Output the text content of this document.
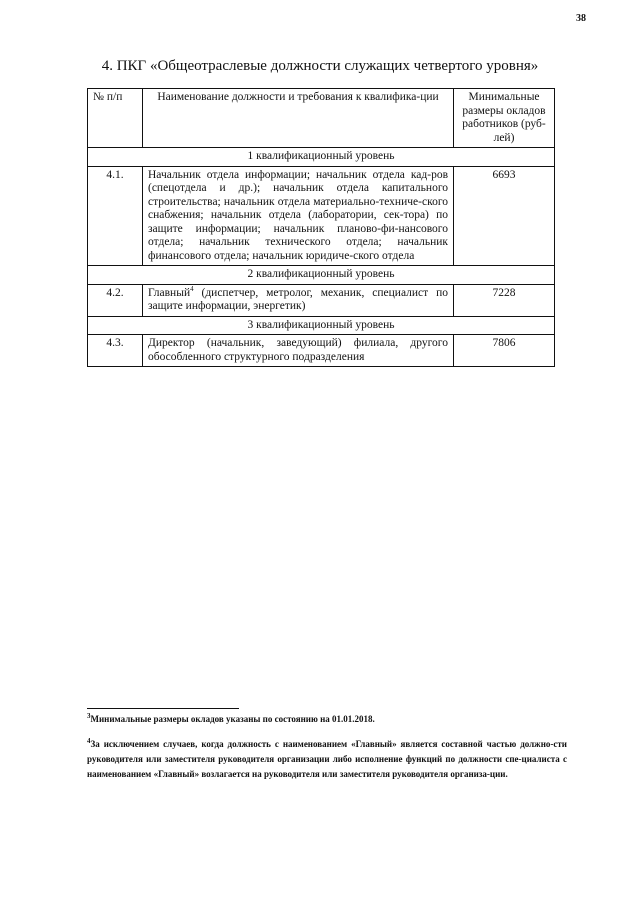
38
4. ПКГ «Общеотраслевые должности служащих четвертого уровня»
№ п/п	Наименование должности и требования к квалифика-ции	Минимальные размеры окладов работников (руб-лей)
1 квалификационный уровень		
4.1.	Начальник отдела информации; начальник отдела кад-ров (спецотдела и др.); начальник отдела капитального строительства; начальник отдела материально-техниче-ского снабжения; начальник отдела (лаборатории, сек-тора) по защите информации; начальник планово-фи-нансового отдела; начальник технического отдела; начальник финансового отдела; начальник юридиче-ского отдела	6693
2 квалификационный уровень		
4.2.	Главный$^4$ (диспетчер, метролог, механик, специалист по защите информации, энергетик)	7228
3 квалификационный уровень		
4.3.	Директор (начальник, заведующий) филиала, другого обособленного структурного подразделения	7806

$^3$Минимальные размеры окладов указаны по состоянию на 01.01.2018.

$^4$За исключением случаев, когда должность с наименованием «Главный» является составной частью должно-сти руководителя или заместителя руководителя организации либо исполнение функций по должности спе-циалиста с наименованием «Главный» возлагается на руководителя или заместителя руководителя организа-ции.
